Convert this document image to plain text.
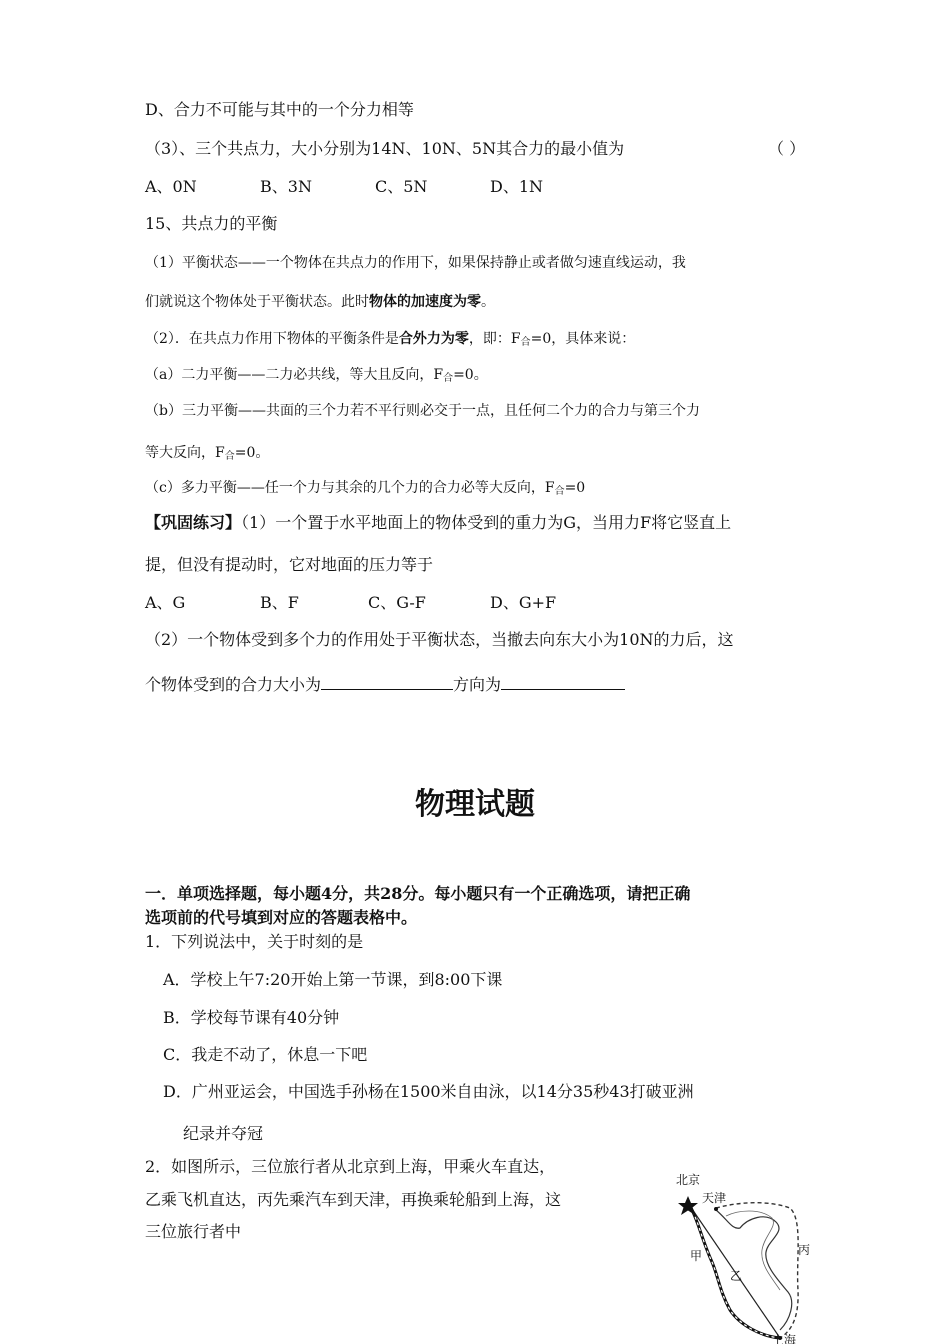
D、合力不可能与其中的一个分力相等
（3）、三个共点力，大小分别为14N、10N、5N其合力的最小值为	（ ）
A、0N	B、3N	C、5N	D、1N
15、共点力的平衡
（1）平衡状态——一个物体在共点力的作用下，如果保持静止或者做匀速直线运动，我
们就说这个物体处于平衡状态。此时物体的加速度为零。
（2）．在共点力作用下物体的平衡条件是合外力为零，即：$F_合=0$，具体来说：
（a）二力平衡——二力必共线，等大且反向，$F_合=0$。
（b）三力平衡——共面的三个力若不平行则必交于一点，且任何二个力的合力与第三个力
等大反向，$F_合=0$。
（c）多力平衡——任一个力与其余的几个力的合力必等大反向，$F_合=0$
【巩固练习】（1）一个置于水平地面上的物体受到的重力为G，当用力F将它竖直上
提，但没有提动时，它对地面的压力等于
A、G	B、F	C、G-F	D、G+F
（2）一个物体受到多个力的作用处于平衡状态，当撤去向东大小为10N的力后，这
个物体受到的合力大小为	方向为
物理试题
一．单项选择题，每小题4分，共28分。每小题只有一个正确选项，请把正确
选项前的代号填到对应的答题表格中。
1．下列说法中，关于时刻的是
A．学校上午7:20开始上第一节课，到8:00下课
B．学校每节课有40分钟
C．我走不动了，休息一下吧
D．广州亚运会，中国选手孙杨在1500米自由泳，以14分35秒43打破亚洲
纪录并夺冠
2．如图所示，三位旅行者从北京到上海，甲乘火车直达，
乙乘飞机直达，丙先乘汽车到天津，再换乘轮船到上海，这
三位旅行者中
北京
天津
甲
乙
丙
上海
